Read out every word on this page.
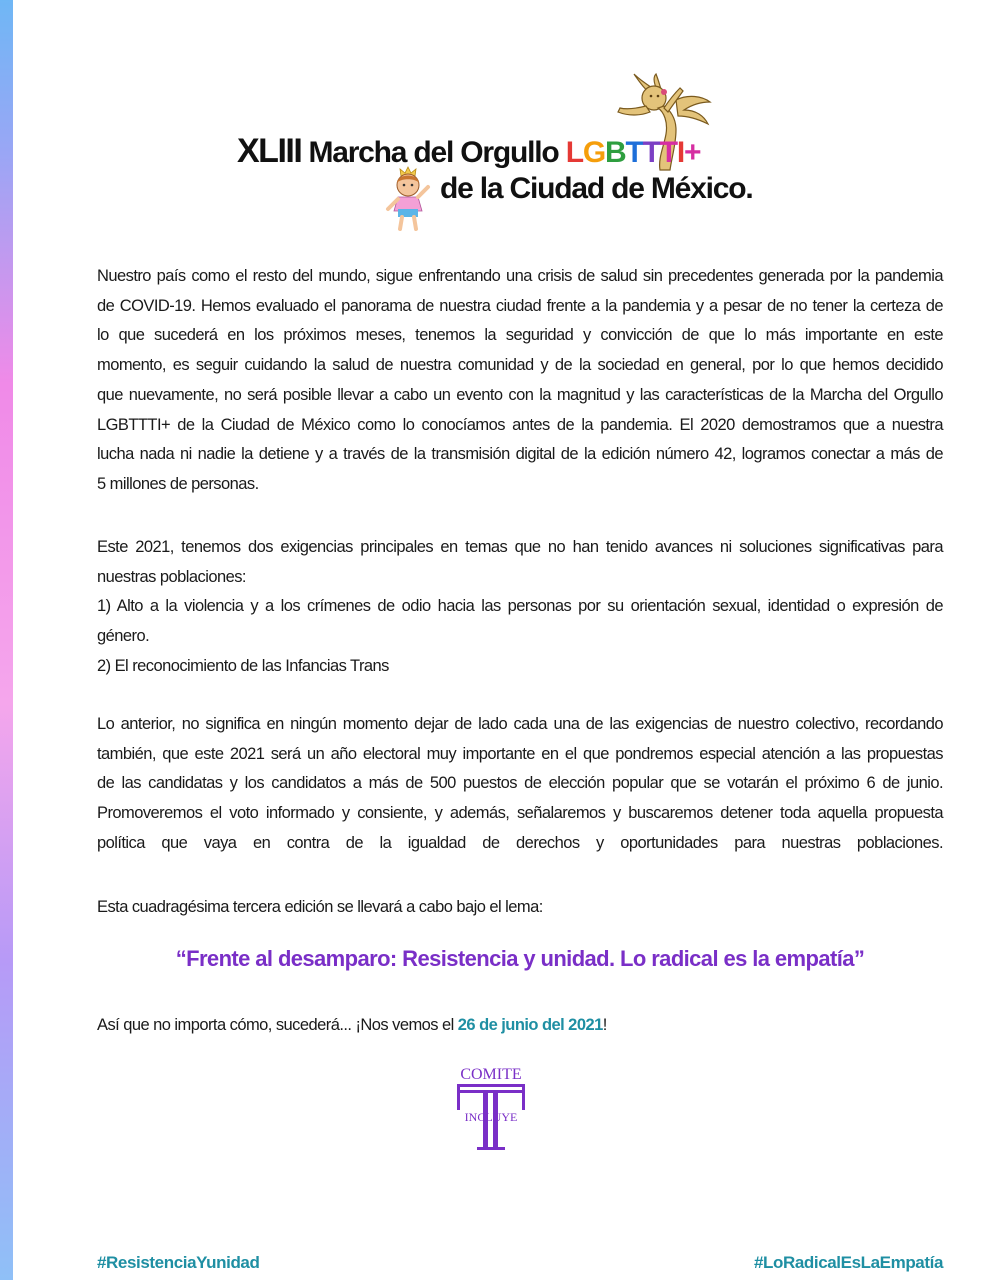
XLIII Marcha del Orgullo LGBTTTI+
de la Ciudad de México.
Nuestro país como el resto del mundo, sigue enfrentando una crisis de salud sin precedentes generada por la pandemia
de COVID-19. Hemos evaluado el panorama de nuestra ciudad frente a la pandemia y a pesar de no tener la certeza de
lo que sucederá en los próximos meses, tenemos la seguridad y convicción de que lo más importante en este
momento, es seguir cuidando la salud de nuestra comunidad y de la sociedad en general, por lo que hemos decidido
que nuevamente, no será posible llevar a cabo un evento con la magnitud y las características de la Marcha del Orgullo
LGBTTTI+ de la Ciudad de México como lo conocíamos antes de la pandemia. El 2020 demostramos que a nuestra
lucha nada ni nadie la detiene y a través de la transmisión digital de la edición número 42, logramos conectar a más de
5 millones de personas.
Este 2021, tenemos dos exigencias principales en temas que no han tenido avances ni soluciones significativas para
nuestras poblaciones:
1) Alto a la violencia y a los crímenes de odio hacia las personas por su orientación sexual, identidad o expresión de
género.
2) El reconocimiento de las Infancias Trans
Lo anterior, no significa en ningún momento dejar de lado cada una de las exigencias de nuestro colectivo, recordando
también, que este 2021 será un año electoral muy importante en el que pondremos especial atención a las propuestas
de las candidatas y los candidatos a más de 500 puestos de elección popular que se votarán el próximo 6 de junio.
Promoveremos el voto informado y consiente, y además, señalaremos y buscaremos detener toda aquella propuesta
política que vaya en contra de la igualdad de derechos y oportunidades para nuestras poblaciones.
Esta cuadragésima tercera edición se llevará a cabo bajo el lema:
“Frente al desamparo: Resistencia y unidad. Lo radical es la empatía”
Así que no importa cómo, sucederá... ¡Nos vemos el 26 de junio del 2021!
COMITE
INCLUYE
#ResistenciaYunidad	#LoRadicalEsLaEmpatía
